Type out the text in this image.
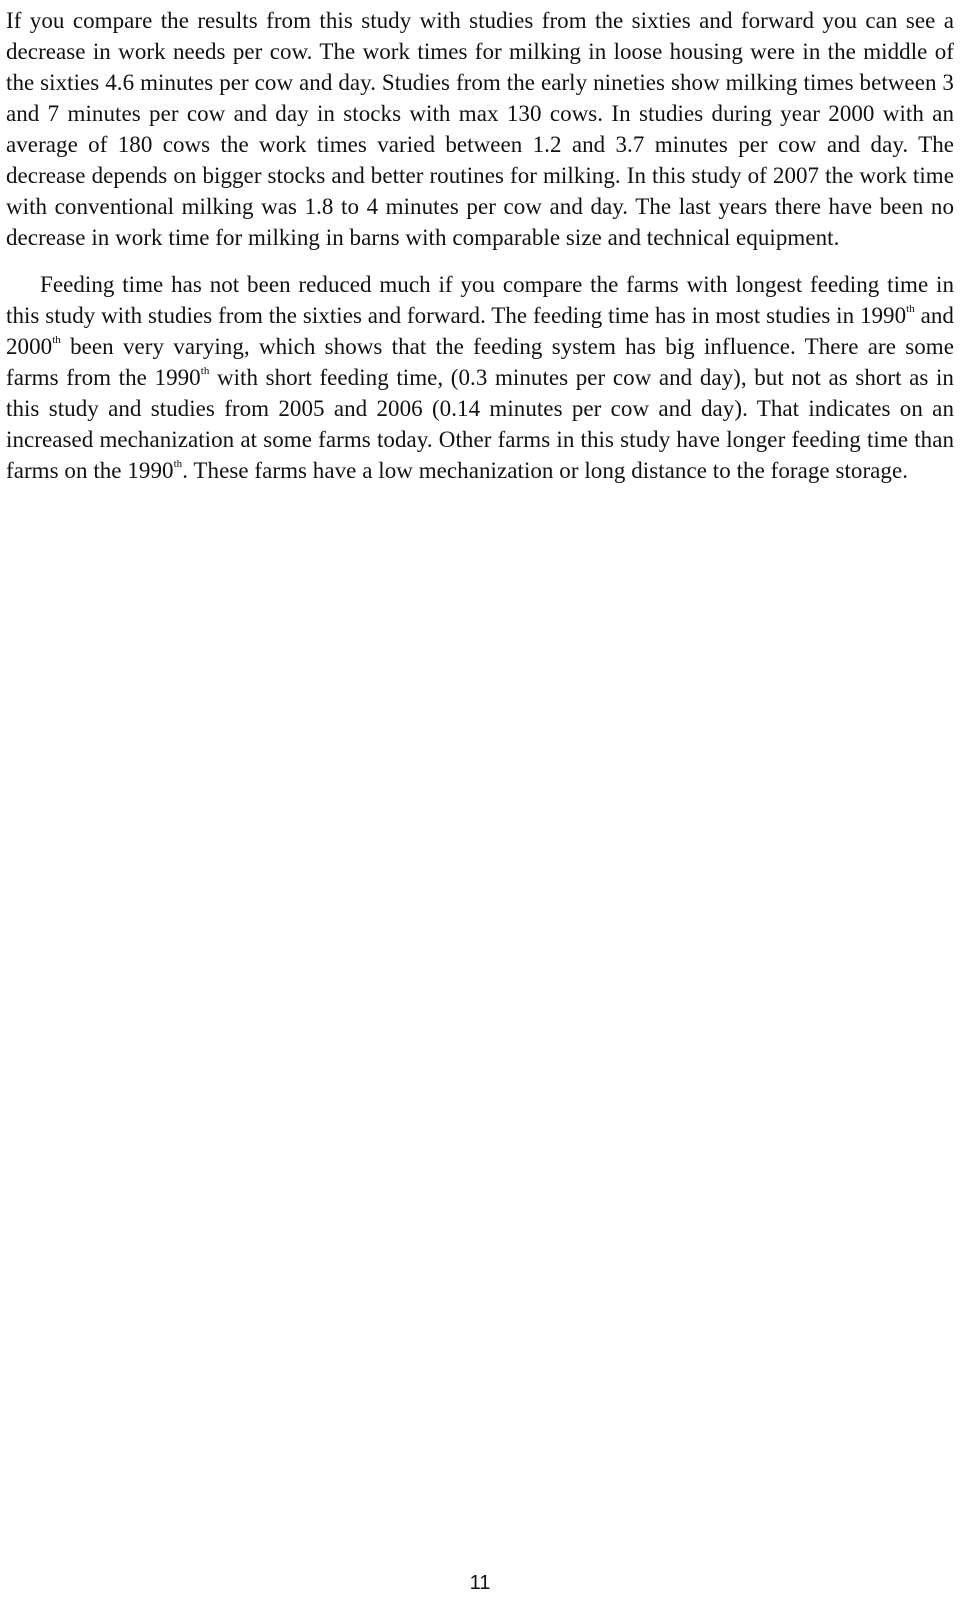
If you compare the results from this study with studies from the sixties and forward you can see a decrease in work needs per cow. The work times for milking in loose housing were in the middle of the sixties 4.6 minutes per cow and day. Studies from the early nineties show milking times between 3 and 7 minutes per cow and day in stocks with max 130 cows. In studies during year 2000 with an average of 180 cows the work times varied between 1.2 and 3.7 minutes per cow and day. The decrease depends on bigger stocks and better routines for milking. In this study of 2007 the work time with conventional milking was 1.8 to 4 minutes per cow and day. The last years there have been no decrease in work time for milking in barns with comparable size and technical equipment.

Feeding time has not been reduced much if you compare the farms with longest feeding time in this study with studies from the sixties and forward. The feeding time has in most studies in 1990th and 2000th been very varying, which shows that the feeding system has big influence. There are some farms from the 1990th with short feeding time, (0.3 minutes per cow and day), but not as short as in this study and studies from 2005 and 2006 (0.14 minutes per cow and day). That indicates on an increased mechanization at some farms today. Other farms in this study have longer feeding time than farms on the 1990th. These farms have a low mechanization or long distance to the forage storage.

11
